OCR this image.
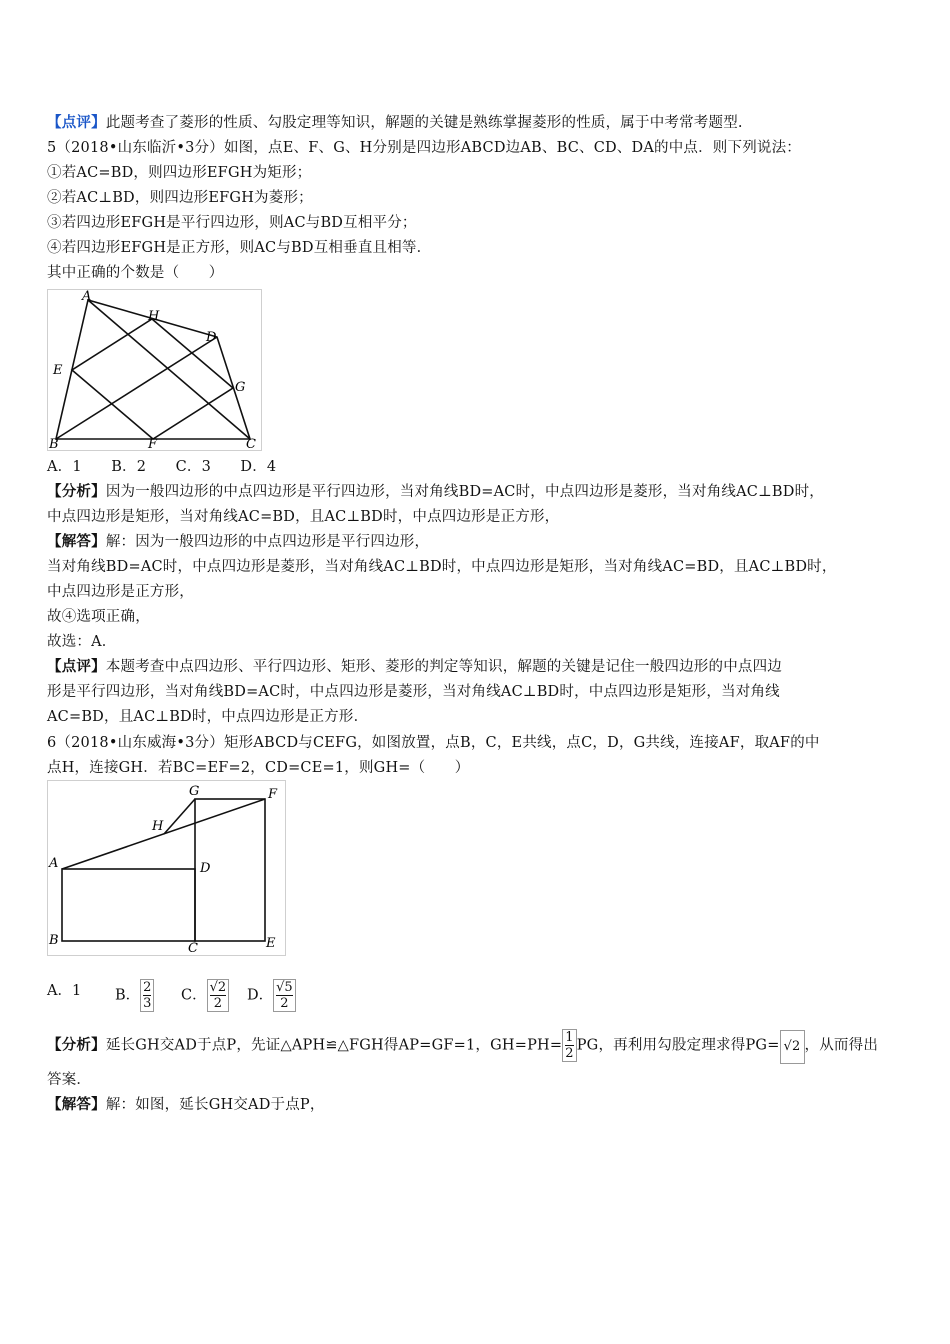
【点评】此题考查了菱形的性质、勾股定理等知识，解题的关键是熟练掌握菱形的性质，属于中考常考题型.
5（2018•山东临沂•3分）如图，点E、F、G、H分别是四边形ABCD边AB、BC、CD、DA的中点．则下列说法：
①若AC=BD，则四边形EFGH为矩形；
②若AC⊥BD，则四边形EFGH为菱形；
③若四边形EFGH是平行四边形，则AC与BD互相平分；
④若四边形EFGH是正方形，则AC与BD互相垂直且相等．
其中正确的个数是（　　）
A
B	C
D
E
F
G
H
A．1　　B．2　　C．3　　D．4
【分析】因为一般四边形的中点四边形是平行四边形，当对角线BD=AC时，中点四边形是菱形，当对角线AC⊥BD时，
中点四边形是矩形，当对角线AC=BD，且AC⊥BD时，中点四边形是正方形，
【解答】解：因为一般四边形的中点四边形是平行四边形，
当对角线BD=AC时，中点四边形是菱形，当对角线AC⊥BD时，中点四边形是矩形，当对角线AC=BD，且AC⊥BD时，
中点四边形是正方形，
故④选项正确，
故选：A．
【点评】本题考查中点四边形、平行四边形、矩形、菱形的判定等知识，解题的关键是记住一般四边形的中点四边
形是平行四边形，当对角线BD=AC时，中点四边形是菱形，当对角线AC⊥BD时，中点四边形是矩形，当对角线
AC=BD，且AC⊥BD时，中点四边形是正方形．
6（2018•山东威海•3分）矩形ABCD与CEFG，如图放置，点B，C，E共线，点C，D，G共线，连接AF，取AF的中
点H，连接GH．若BC=EF=2，CD=CE=1，则GH=（　　）
A
B
C
D
E
F
G
H
A．1 B． $\frac{2}{3}$ C． $\frac{√2}{2}$ D． $\frac{√5}{2}$
【分析】延长GH交AD于点P，先证△APH≌△FGH得AP=GF=1，$GH=PH= \frac{1}{2}$ PG，再利用勾股定理求得PG= √2 ，从而得出
答案．
【解答】解：如图，延长GH交AD于点P，
